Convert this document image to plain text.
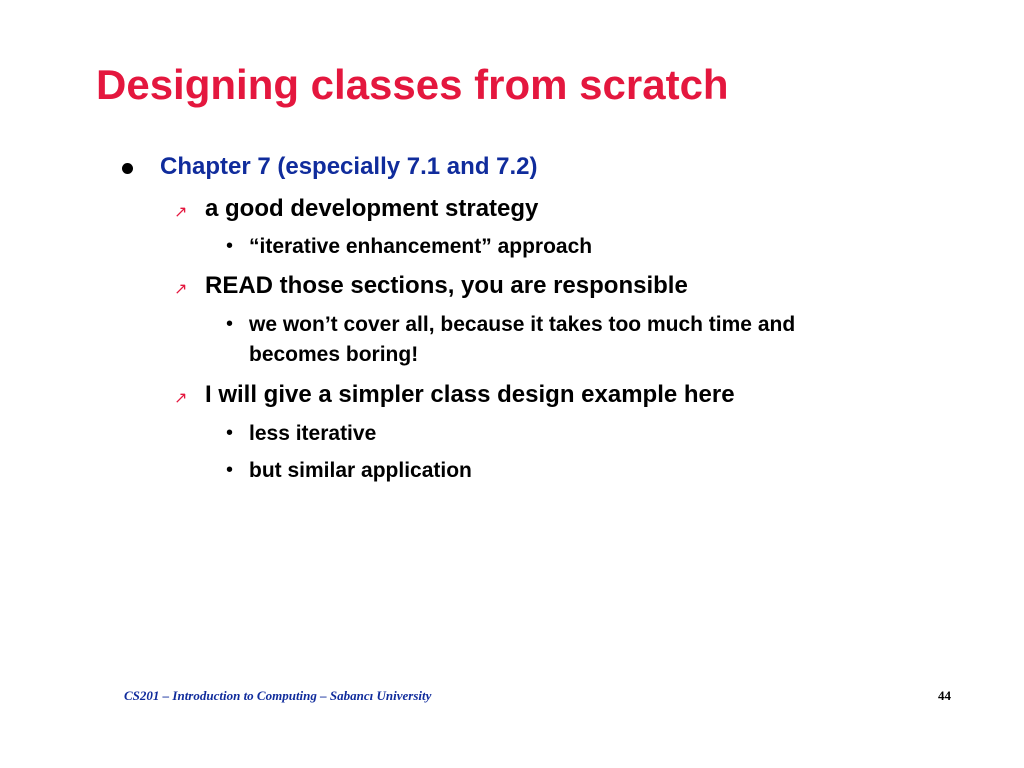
Designing classes from scratch
Chapter 7 (especially 7.1 and 7.2)
↗ a good development strategy
• “iterative enhancement” approach
↗ READ those sections, you are responsible
• we won’t cover all, because it takes too much time and
becomes boring!
↗ I will give a simpler class design example here
• less iterative
• but similar application
CS201 – Introduction to Computing – Sabancı University	44
